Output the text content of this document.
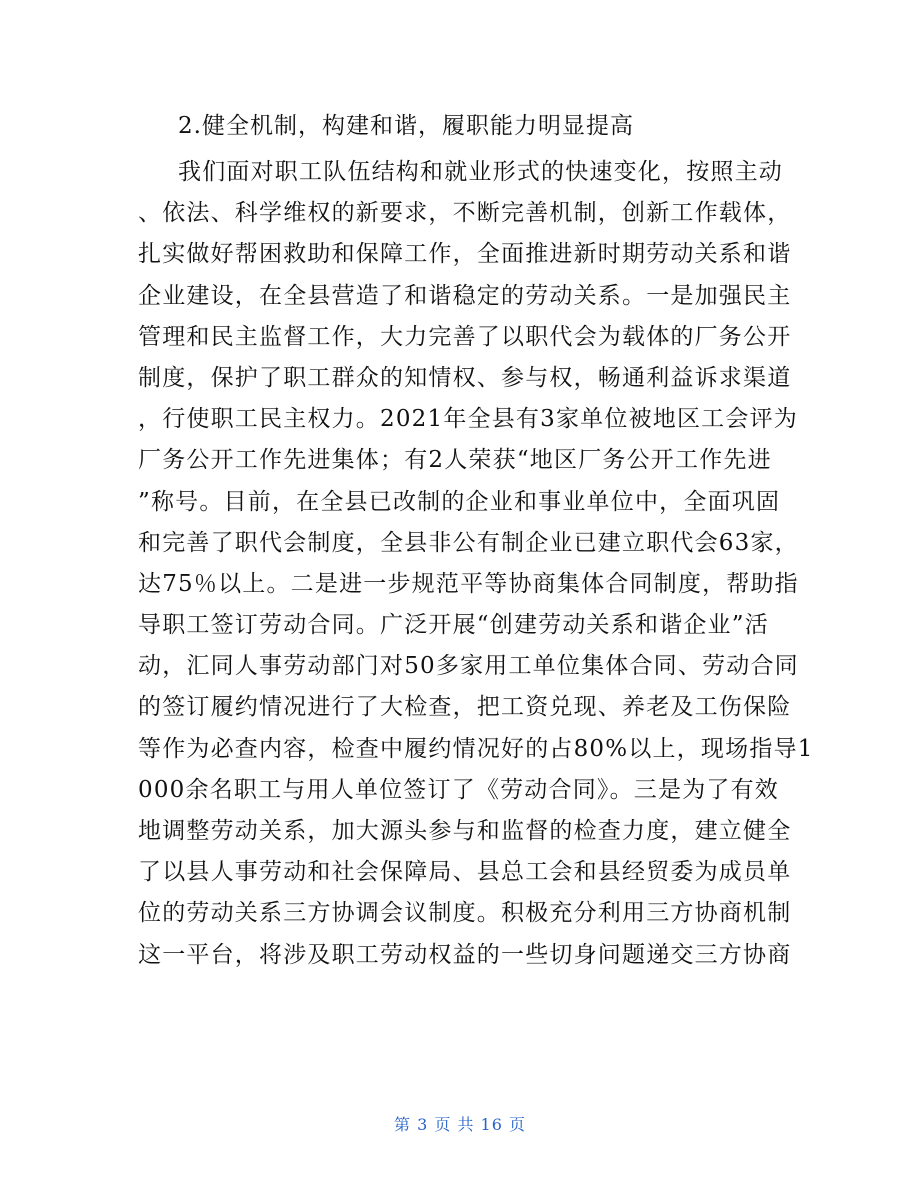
2.健全机制，构建和谐，履职能力明显提高
我们面对职工队伍结构和就业形式的快速变化，按照主动
、依法、科学维权的新要求，不断完善机制，创新工作载体，
扎实做好帮困救助和保障工作，全面推进新时期劳动关系和谐
企业建设，在全县营造了和谐稳定的劳动关系。一是加强民主
管理和民主监督工作，大力完善了以职代会为载体的厂务公开
制度，保护了职工群众的知情权、参与权，畅通利益诉求渠道
，行使职工民主权力。2021年全县有3家单位被地区工会评为
厂务公开工作先进集体；有2人荣获“地区厂务公开工作先进
”称号。目前，在全县已改制的企业和事业单位中，全面巩固
和完善了职代会制度，全县非公有制企业已建立职代会63家，
达75％以上。二是进一步规范平等协商集体合同制度，帮助指
导职工签订劳动合同。广泛开展“创建劳动关系和谐企业”活
动，汇同人事劳动部门对50多家用工单位集体合同、劳动合同
的签订履约情况进行了大检查，把工资兑现、养老及工伤保险
等作为必查内容，检查中履约情况好的占80%以上，现场指导1
000余名职工与用人单位签订了《劳动合同》。三是为了有效
地调整劳动关系，加大源头参与和监督的检查力度，建立健全
了以县人事劳动和社会保障局、县总工会和县经贸委为成员单
位的劳动关系三方协调会议制度。积极充分利用三方协商机制
这一平台，将涉及职工劳动权益的一些切身问题递交三方协商
第 3 页 共 16 页
